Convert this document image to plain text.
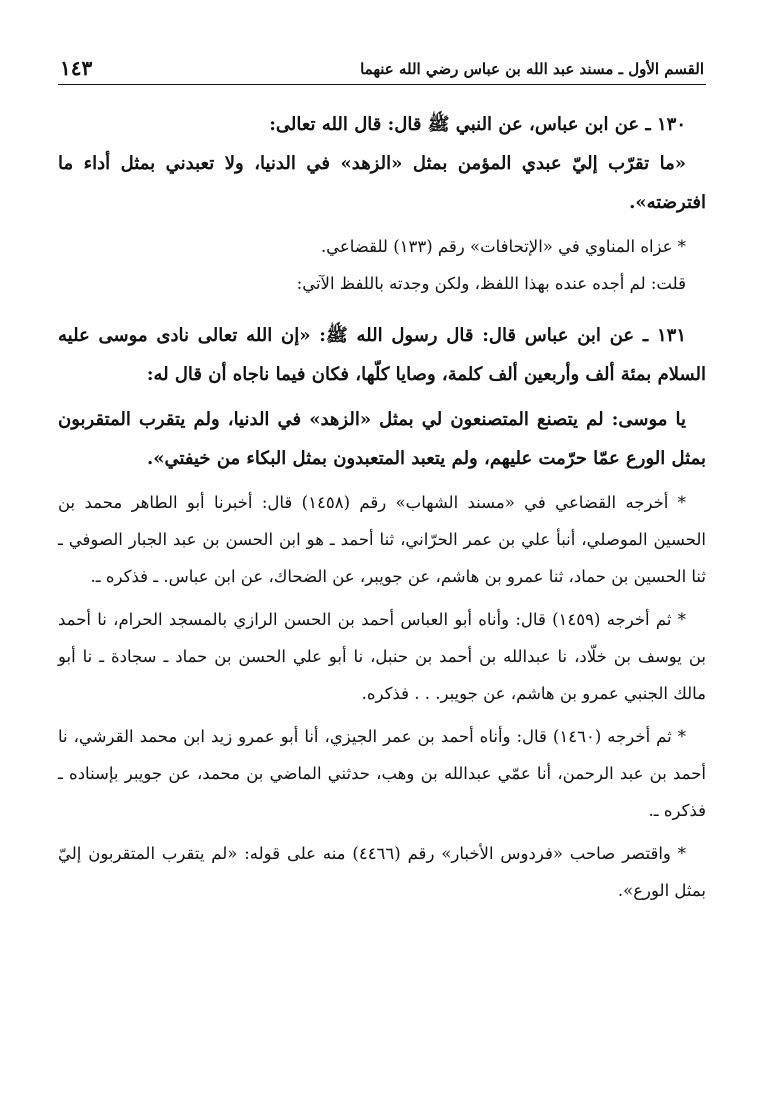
القسم الأول ـ مسند عبد الله بن عباس رضي الله عنهما
١٤٣

١٣٠ ـ عن ابن عباس، عن النبي ﷺ قال: قال الله تعالى:

«ما تقرّب إليّ عبدي المؤمن بمثل «الزهد» في الدنيا، ولا تعبدني بمثل أداء ما افترضته».

* عزاه المناوي في «الإتحافات» رقم (١٣٣) للقضاعي.

قلت: لم أجده عنده بهذا اللفظ، ولكن وجدته باللفظ الآتي:

١٣١ ـ عن ابن عباس قال: قال رسول الله ﷺ: «إن الله تعالى نادى موسى عليه السلام بمئة ألف وأربعين ألف كلمة، وصايا كلّها، فكان فيما ناجاه أن قال له:

يا موسى: لم يتصنع المتصنعون لي بمثل «الزهد» في الدنيا، ولم يتقرب المتقربون بمثل الورع عمّا حرّمت عليهم، ولم يتعبد المتعبدون بمثل البكاء من خيفتي».

* أخرجه القضاعي في «مسند الشهاب» رقم (١٤٥٨) قال: أخبرنا أبو الطاهر محمد بن الحسين الموصلي، أنبأ علي بن عمر الحرّاني، ثنا أحمد ـ هو ابن الحسن بن عبد الجبار الصوفي ـ ثنا الحسين بن حماد، ثنا عمرو بن هاشم، عن جويبر، عن الضحاك، عن ابن عباس. ـ فذكره ـ.

* ثم أخرجه (١٤٥٩) قال: وأناه أبو العباس أحمد بن الحسن الرازي بالمسجد الحرام، نا أحمد بن يوسف بن خلّاد، نا عبدالله بن أحمد بن حنبل، نا أبو علي الحسن بن حماد ـ سجادة ـ نا أبو مالك الجنبي عمرو بن هاشم، عن جويبر. . . فذكره.

* ثم أخرجه (١٤٦٠) قال: وأناه أحمد بن عمر الجيزي، أنا أبو عمرو زيد ابن محمد القرشي، نا أحمد بن عبد الرحمن، أنا عمّي عبدالله بن وهب، حدثني الماضي بن محمد، عن جويبر بإسناده ـ فذكره ـ.

* واقتصر صاحب «فردوس الأخبار» رقم (٤٤٦٦) منه على قوله: «لم يتقرب المتقربون إليّ بمثل الورع».
